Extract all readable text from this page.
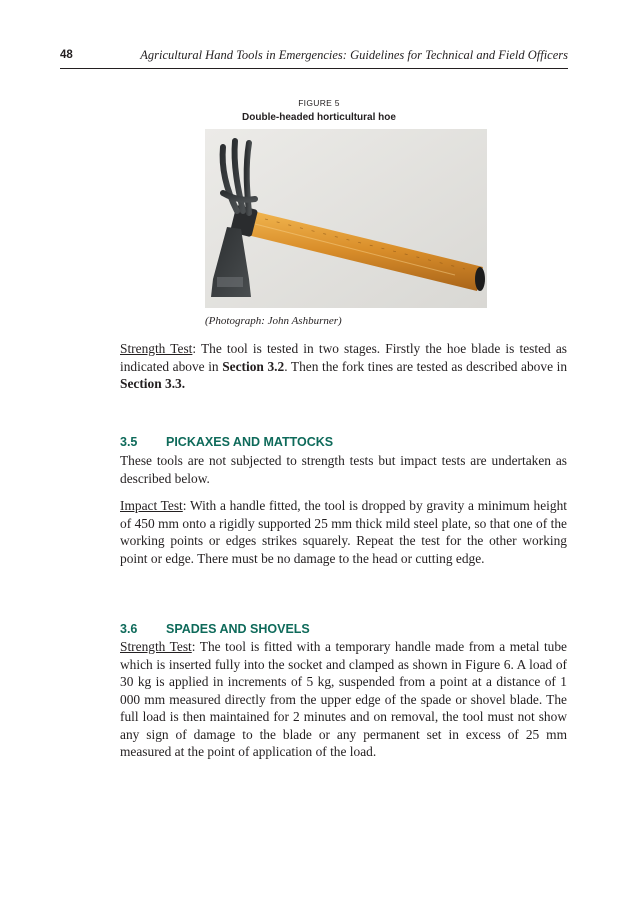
48	Agricultural Hand Tools in Emergencies: Guidelines for Technical and Field Officers
FIGURE 5
Double-headed horticultural hoe
(Photograph: John Ashburner)

Strength Test: The tool is tested in two stages. Firstly the hoe blade is tested as indicated above in Section 3.2. Then the fork tines are tested as described above in Section 3.3.

3.5 PICKAXES AND MATTOCKS

These tools are not subjected to strength tests but impact tests are undertaken as described below.

Impact Test: With a handle fitted, the tool is dropped by gravity a minimum height of 450 mm onto a rigidly supported 25 mm thick mild steel plate, so that one of the working points or edges strikes squarely. Repeat the test for the other working point or edge. There must be no damage to the head or cutting edge.

3.6 SPADES AND SHOVELS

Strength Test: The tool is fitted with a temporary handle made from a metal tube which is inserted fully into the socket and clamped as shown in Figure 6. A load of 30 kg is applied in increments of 5 kg, suspended from a point at a distance of 1 000 mm measured directly from the upper edge of the spade or shovel blade. The full load is then maintained for 2 minutes and on removal, the tool must not show any sign of damage to the blade or any permanent set in excess of 25 mm measured at the point of application of the load.
